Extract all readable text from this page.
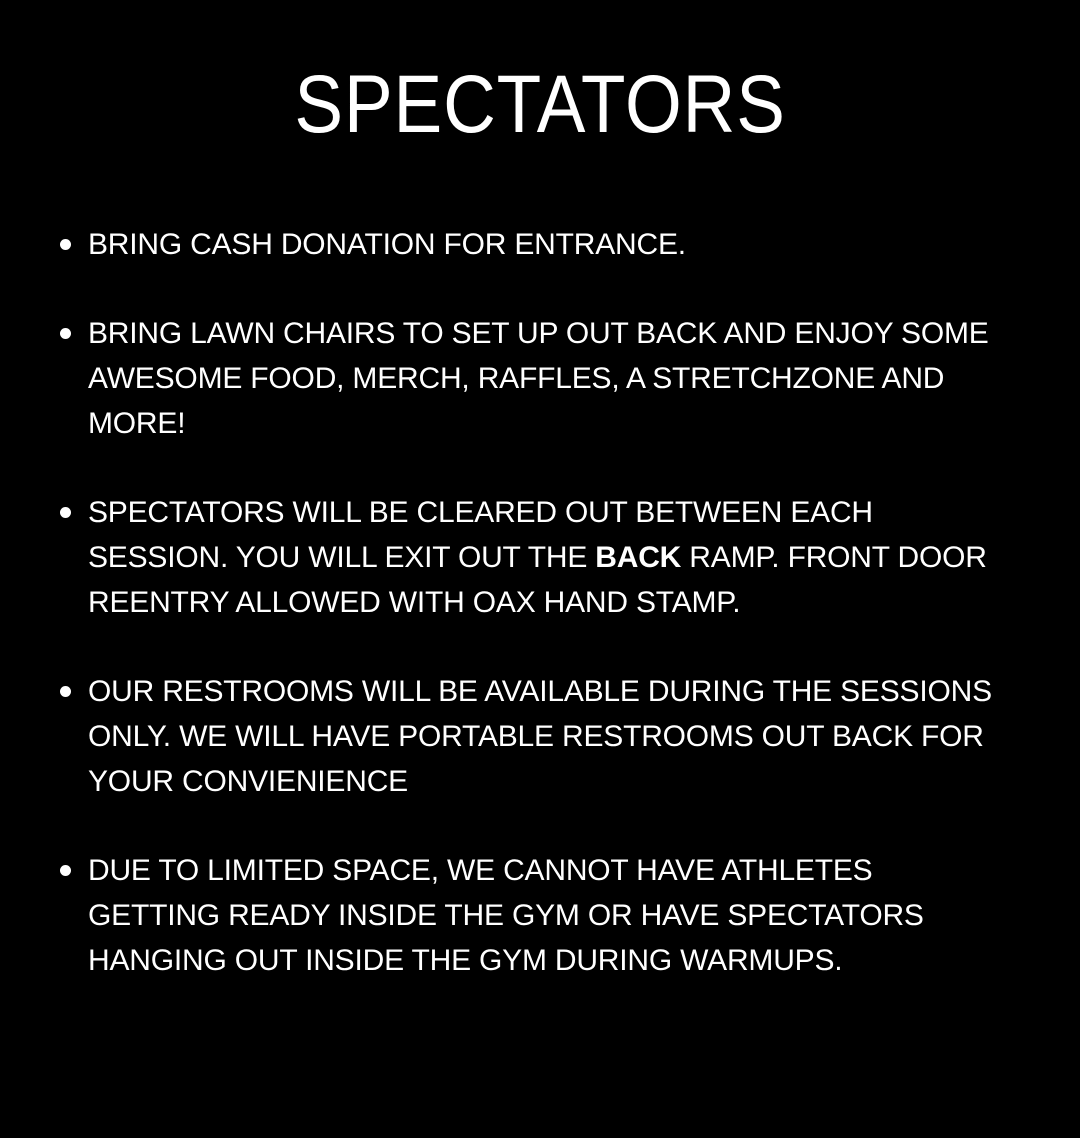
SPECTATORS
BRING CASH DONATION FOR ENTRANCE.
BRING LAWN CHAIRS TO SET UP OUT BACK AND ENJOY SOME
AWESOME FOOD, MERCH, RAFFLES, A STRETCHZONE AND
MORE!
SPECTATORS WILL BE CLEARED OUT BETWEEN EACH
SESSION. YOU WILL EXIT OUT THE BACK RAMP. FRONT DOOR
REENTRY ALLOWED WITH OAX HAND STAMP.
OUR RESTROOMS WILL BE AVAILABLE DURING THE SESSIONS
ONLY. WE WILL HAVE PORTABLE RESTROOMS OUT BACK FOR
YOUR CONVIENIENCE
DUE TO LIMITED SPACE, WE CANNOT HAVE ATHLETES
GETTING READY INSIDE THE GYM OR HAVE SPECTATORS
HANGING OUT INSIDE THE GYM DURING WARMUPS.
